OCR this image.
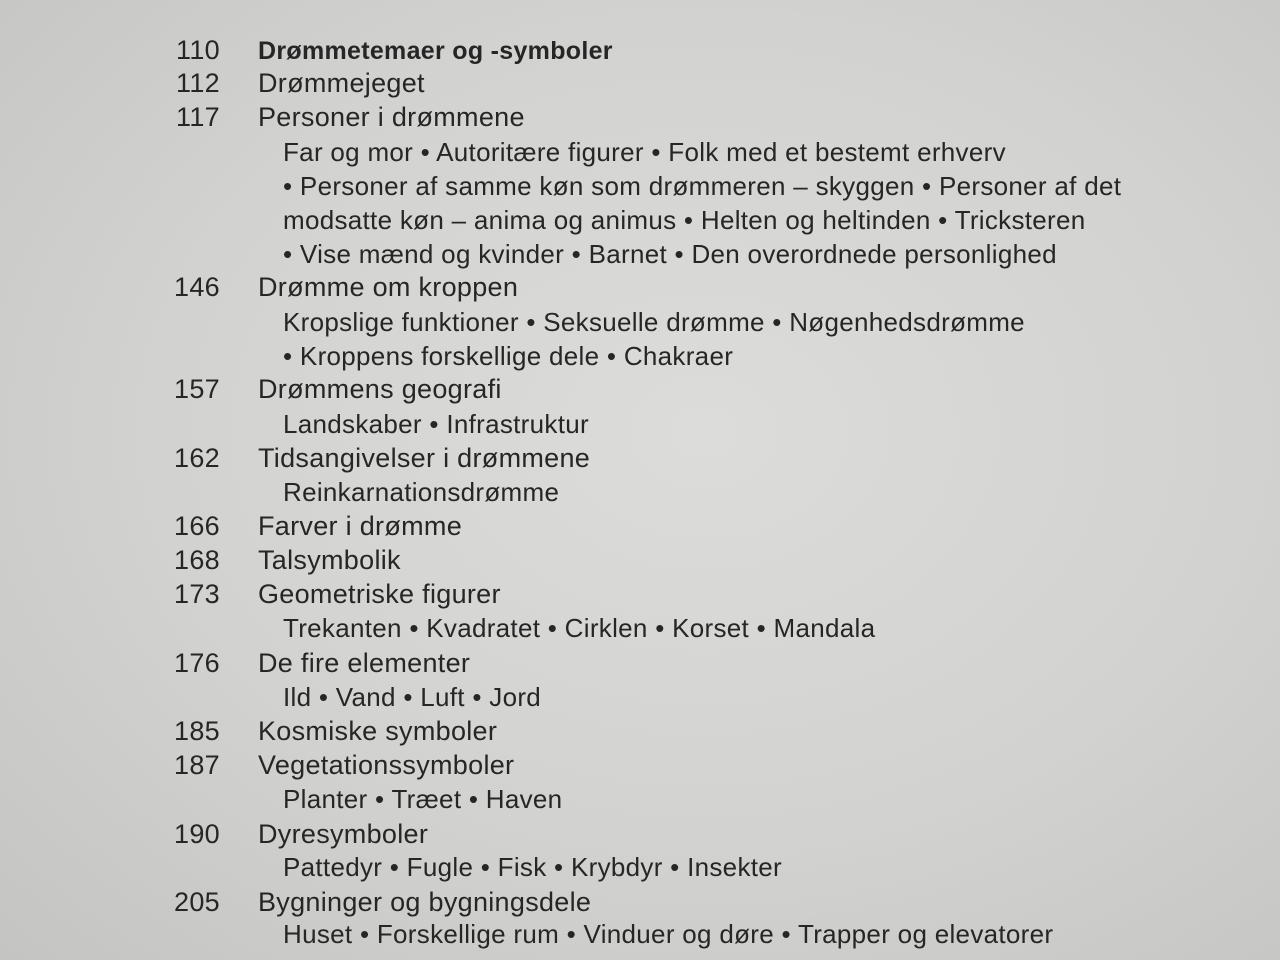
110 Drømmetemaer og -symboler
112 Drømmejeget
117 Personer i drømmene
Far og mor • Autoritære figurer • Folk med et bestemt erhverv
• Personer af samme køn som drømmeren – skyggen • Personer af det
modsatte køn – anima og animus • Helten og heltinden • Tricksteren
• Vise mænd og kvinder • Barnet • Den overordnede personlighed
146 Drømme om kroppen
Kropslige funktioner • Seksuelle drømme • Nøgenhedsdrømme
• Kroppens forskellige dele • Chakraer
157 Drømmens geografi
Landskaber • Infrastruktur
162 Tidsangivelser i drømmene
Reinkarnationsdrømme
166 Farver i drømme
168 Talsymbolik
173 Geometriske figurer
Trekanten • Kvadratet • Cirklen • Korset • Mandala
176 De fire elementer
Ild • Vand • Luft • Jord
185 Kosmiske symboler
187 Vegetationssymboler
Planter • Træet • Haven
190 Dyresymboler
Pattedyr • Fugle • Fisk • Krybdyr • Insekter
205 Bygninger og bygningsdele
Huset • Forskellige rum • Vinduer og døre • Trapper og elevatorer
